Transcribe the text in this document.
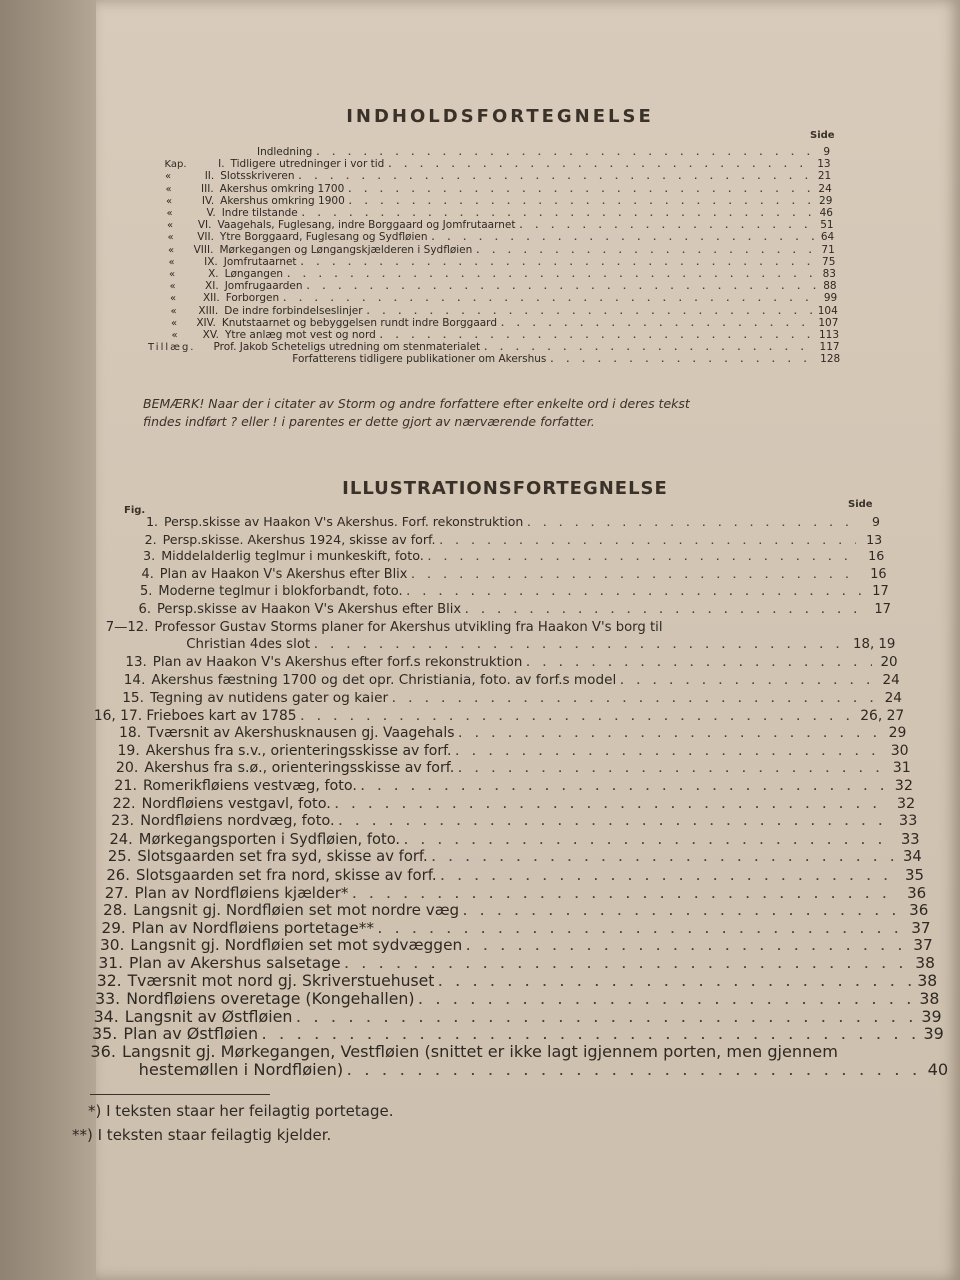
INDHOLDSFORTEGNELSE
Side
Indledning . . .	9
Kap.	I. Tidligere utredninger i vor tid . . .	13
«	II. Slotsskriveren . . .	21
«	III. Akershus omkring 1700 . . .	24
«	IV. Akershus omkring 1900 . . .	29
«	V. Indre tilstande . . .	46
«	VI. Vaagehals, Fuglesang, indre Borggaard og Jomfrutaarnet . . .	51
«	VII. Ytre Borggaard, Fuglesang og Sydfløien . . .	64
«	VIII. Mørkegangen og Løngangskjælderen i Sydfløien . . .	71
«	IX. Jomfrutaarnet . . .	75
«	X. Løngangen . . .	83
«	XI. Jomfrugaarden . . .	88
«	XII. Forborgen . . .	99
«	XIII. De indre forbindelseslinjer . . .	104
«	XIV. Knutstaarnet og bebyggelsen rundt indre Borggaard . . .	107
«	XV. Ytre anlæg mot vest og nord . . .	113
Tillæg. Prof. Jakob Scheteligs utredning om stenmaterialet . . .	117
Forfatterens tidligere publikationer om Akershus . . .	128
BEMÆRK! Naar der i citater av Storm og andre forfattere efter enkelte ord i deres tekst
findes indført ? eller ! i parentes er dette gjort av nærværende forfatter.
ILLUSTRATIONSFORTEGNELSE
Fig.
Side
1. Persp.skisse av Haakon V's Akershus. Forf. rekonstruktion . . .	9
2. Persp.skisse. Akershus 1924, skisse av forf. . . .	13
3. Middelalderlig teglmur i munkeskift, foto. . . .	16
4. Plan av Haakon V's Akershus efter Blix . . .	16
5. Moderne teglmur i blokforbandt, foto. . . .	17
6. Persp.skisse av Haakon V's Akershus efter Blix . . .	17
7—12. Professor Gustav Storms planer for Akershus utvikling fra Haakon V's borg til
Christian 4des slot . . .	18, 19
13. Plan av Haakon V's Akershus efter forf.s rekonstruktion . . .	20
14. Akershus fæstning 1700 og det opr. Christiania, foto. av forf.s model . . .	24
15. Tegning av nutidens gater og kaier . . .	24
16, 17. Frieboes kart av 1785 . . .	26, 27
18. Tværsnit av Akershusknausen gj. Vaagehals . . .	29
19. Akershus fra s.v., orienteringsskisse av forf. . . .	30
20. Akershus fra s.ø., orienteringsskisse av forf. . . .	31
21. Romerikfløiens vestvæg, foto. . . .	32
22. Nordfløiens vestgavl, foto. . . .	32
23. Nordfløiens nordvæg, foto. . . .	33
24. Mørkegangsporten i Sydfløien, foto. . . .	33
25. Slotsgaarden set fra syd, skisse av forf. . . .	34
26. Slotsgaarden set fra nord, skisse av forf. . . .	35
27. Plan av Nordfløiens kjælder* . . .	36
28. Langsnit gj. Nordfløien set mot nordre væg . . .	36
29. Plan av Nordfløiens portetage** . . .	37
30. Langsnit gj. Nordfløien set mot sydvæggen . . .	37
31. Plan av Akershus salsetage . . .	38
32. Tværsnit mot nord gj. Skriverstuehuset . . .	38
33. Nordfløiens overetage (Kongehallen) . . .	38
34. Langsnit av Østfløien . . .	39
35. Plan av Østfløien . . .	39
36. Langsnit gj. Mørkegangen, Vestfløien (snittet er ikke lagt igjennem porten, men gjennem
hestemøllen i Nordfløien) . . .	40
*) I teksten staar her feilagtig portetage.
**) I teksten staar feilagtig kjelder.
